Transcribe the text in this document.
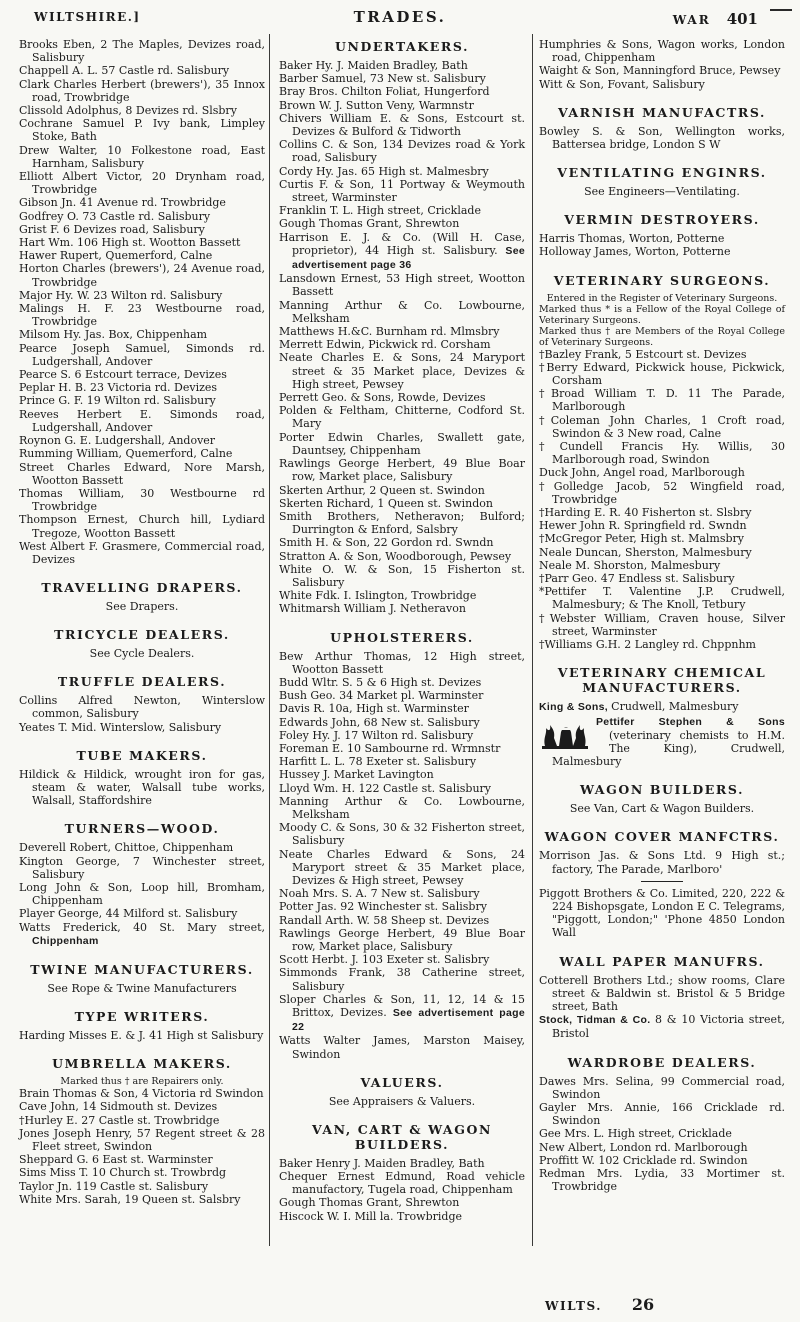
WILTSHIRE.]	TRADES.	WAR 401

Brooks Eben, 2 The Maples, Devizes road, Salisbury

Chappell A. L. 57 Castle rd. Salisbury

Clark Charles Herbert (brewers'), 35 Innox road, Trowbridge

Clissold Adolphus, 8 Devizes rd. Slsbry

Cochrane Samuel P. Ivy bank, Limpley Stoke, Bath

Drew Walter, 10 Folkestone road, East Harnham, Salisbury

Elliott Albert Victor, 20 Drynham road, Trowbridge

Gibson Jn. 41 Avenue rd. Trowbridge

Godfrey O. 73 Castle rd. Salisbury

Grist F. 6 Devizes road, Salisbury

Hart Wm. 106 High st. Wootton Bassett

Hawer Rupert, Quemerford, Calne

Horton Charles (brewers'), 24 Avenue road, Trowbridge

Major Hy. W. 23 Wilton rd. Salisbury

Malings H. F. 23 Westbourne road, Trowbridge

Milsom Hy. Jas. Box, Chippenham

Pearce Joseph Samuel, Simonds rd. Ludgershall, Andover

Pearce S. 6 Estcourt terrace, Devizes

Peplar H. B. 23 Victoria rd. Devizes

Prince G. F. 19 Wilton rd. Salisbury

Reeves Herbert E. Simonds road, Ludgershall, Andover

Roynon G. E. Ludgershall, Andover

Rumming William, Quemerford, Calne

Street Charles Edward, Nore Marsh, Wootton Bassett

Thomas William, 30 Westbourne rd Trowbridge

Thompson Ernest, Church hill, Lydiard Tregoze, Wootton Bassett

West Albert F. Grasmere, Commercial road, Devizes

TRAVELLING DRAPERS.
See Drapers.
TRICYCLE DEALERS.
See Cycle Dealers.
TRUFFLE DEALERS.

Collins Alfred Newton, Winterslow common, Salisbury

Yeates T. Mid. Winterslow, Salisbury

TUBE MAKERS.

Hildick & Hildick, wrought iron for gas, steam & water, Walsall tube works, Walsall, Staffordshire

TURNERS—WOOD.

Deverell Robert, Chittoe, Chippenham

Kington George, 7 Winchester street, Salisbury

Long John & Son, Loop hill, Bromham, Chippenham

Player George, 44 Milford st. Salisbury

Watts Frederick, 40 St. Mary street, Chippenham

TWINE MANUFACTURERS.
See Rope & Twine Manufacturers
TYPE WRITERS.

Harding Misses E. & J. 41 High st Salisbury

UMBRELLA MAKERS.
Marked thus † are Repairers only.

Brain Thomas & Son, 4 Victoria rd Swindon

Cave John, 14 Sidmouth st. Devizes

†Hurley E. 27 Castle st. Trowbridge

Jones Joseph Henry, 57 Regent street & 28 Fleet street, Swindon

Sheppard G. 6 East st. Warminster

Sims Miss T. 10 Church st. Trowbrdg

Taylor Jn. 119 Castle st. Salisbury

White Mrs. Sarah, 19 Queen st. Salsbry

UNDERTAKERS.

Baker Hy. J. Maiden Bradley, Bath

Barber Samuel, 73 New st. Salisbury

Bray Bros. Chilton Foliat, Hungerford

Brown W. J. Sutton Veny, Warmnstr

Chivers William E. & Sons, Estcourt st. Devizes & Bulford & Tidworth

Collins C. & Son, 134 Devizes road & York road, Salisbury

Cordy Hy. Jas. 65 High st. Malmesbry

Curtis F. & Son, 11 Portway & Weymouth street, Warminster

Franklin T. L. High street, Cricklade

Gough Thomas Grant, Shrewton

Harrison E. J. & Co. (Will H. Case, proprietor), 44 High st. Salisbury. See advertisement page 36

Lansdown Ernest, 53 High street, Wootton Bassett

Manning Arthur & Co. Lowbourne, Melksham

Matthews H.&C. Burnham rd. Mlmsbry

Merrett Edwin, Pickwick rd. Corsham

Neate Charles E. & Sons, 24 Maryport street & 35 Market place, Devizes & High street, Pewsey

Perrett Geo. & Sons, Rowde, Devizes

Polden & Feltham, Chitterne, Codford St. Mary

Porter Edwin Charles, Swallett gate, Dauntsey, Chippenham

Rawlings George Herbert, 49 Blue Boar row, Market place, Salisbury

Skerten Arthur, 2 Queen st. Swindon

Skerten Richard, 1 Queen st. Swindon

Smith Brothers, Netheravon; Bulford; Durrington & Enford, Salsbry

Smith H. & Son, 22 Gordon rd. Swndn

Stratton A. & Son, Woodborough, Pewsey

White O. W. & Son, 15 Fisherton st. Salisbury

White Fdk. I. Islington, Trowbridge

Whitmarsh William J. Netheravon

UPHOLSTERERS.

Bew Arthur Thomas, 12 High street, Wootton Bassett

Budd Wltr. S. 5 & 6 High st. Devizes

Bush Geo. 34 Market pl. Warminster

Davis R. 10a, High st. Warminster

Edwards John, 68 New st. Salisbury

Foley Hy. J. 17 Wilton rd. Salisbury

Foreman E. 10 Sambourne rd. Wrmnstr

Harfitt L. L. 78 Exeter st. Salisbury

Hussey J. Market Lavington

Lloyd Wm. H. 122 Castle st. Salisbury

Manning Arthur & Co. Lowbourne, Melksham

Moody C. & Sons, 30 & 32 Fisherton street, Salisbury

Neate Charles Edward & Sons, 24 Maryport street & 35 Market place, Devizes & High street, Pewsey

Noah Mrs. S. A. 7 New st. Salisbury

Potter Jas. 92 Winchester st. Salisbry

Randall Arth. W. 58 Sheep st. Devizes

Rawlings George Herbert, 49 Blue Boar row, Market place, Salisbury

Scott Herbt. J. 103 Exeter st. Salisbry

Simmonds Frank, 38 Catherine street, Salisbury

Sloper Charles & Son, 11, 12, 14 & 15 Brittox, Devizes. See advertisement page 22

Watts Walter James, Marston Maisey, Swindon

VALUERS.
See Appraisers & Valuers.
VAN, CART & WAGON BUILDERS.

Baker Henry J. Maiden Bradley, Bath

Chequer Ernest Edmund, Road vehicle manufactory, Tugela road, Chippenham

Gough Thomas Grant, Shrewton

Hiscock W. I. Mill la. Trowbridge

Humphries & Sons, Wagon works, London road, Chippenham

Waight & Son, Manningford Bruce, Pewsey

Witt & Son, Fovant, Salisbury

VARNISH MANUFACTRS.

Bowley S. & Son, Wellington works, Battersea bridge, London S W

VENTILATING ENGINRS.
See Engineers—Ventilating.
VERMIN DESTROYERS.

Harris Thomas, Worton, Potterne

Holloway James, Worton, Potterne

VETERINARY SURGEONS.
Entered in the Register of Veterinary Surgeons.
Marked thus * is a Fellow of the Royal College of Veterinary Surgeons.
Marked thus † are Members of the Royal College of Veterinary Surgeons.

†Bazley Frank, 5 Estcourt st. Devizes

†Berry Edward, Pickwick house, Pickwick, Corsham

†Broad William T. D. 11 The Parade, Marlborough

†Coleman John Charles, 1 Croft road, Swindon & 3 New road, Calne

†Cundell Francis Hy. Willis, 30 Marlborough road, Swindon

Duck John, Angel road, Marlborough

†Golledge Jacob, 52 Wingfield road, Trowbridge

†Harding E. R. 40 Fisherton st. Slsbry

Hewer John R. Springfield rd. Swndn

†McGregor Peter, High st. Malmsbry

Neale Duncan, Sherston, Malmesbury

Neale M. Shorston, Malmesbury

†Parr Geo. 47 Endless st. Salisbury

*Pettifer T. Valentine J.P. Crudwell, Malmesbury; & The Knoll, Tetbury

†Webster William, Craven house, Silver street, Warminster

†Williams G.H. 2 Langley rd. Chppnhm

VETERINARY CHEMICAL MANUFACTURERS.

King & Sons, Crudwell, Malmesbury

Pettifer Stephen & Sons (veterinary chemists to H.M. The King), Crudwell, Malmesbury

WAGON BUILDERS.
See Van, Cart & Wagon Builders.
WAGON COVER MANFCTRS.

Morrison Jas. & Sons Ltd. 9 High st.; factory, The Parade, Marlboro'

Piggott Brothers & Co. Limited, 220, 222 & 224 Bishopsgate, London E C. Telegrams, "Piggott, London;" 'Phone 4850 London Wall

WALL PAPER MANUFRS.

Cotterell Brothers Ltd.; show rooms, Clare street & Baldwin st. Bristol & 5 Bridge street, Bath

Stock, Tidman & Co. 8 & 10 Victoria street, Bristol

WARDROBE DEALERS.

Dawes Mrs. Selina, 99 Commercial road, Swindon

Gayler Mrs. Annie, 166 Cricklade rd. Swindon

Gee Mrs. L. High street, Cricklade

New Albert, London rd. Marlborough

Proffitt W. 102 Cricklade rd. Swindon

Redman Mrs. Lydia, 33 Mortimer st. Trowbridge

WILTS. 26
